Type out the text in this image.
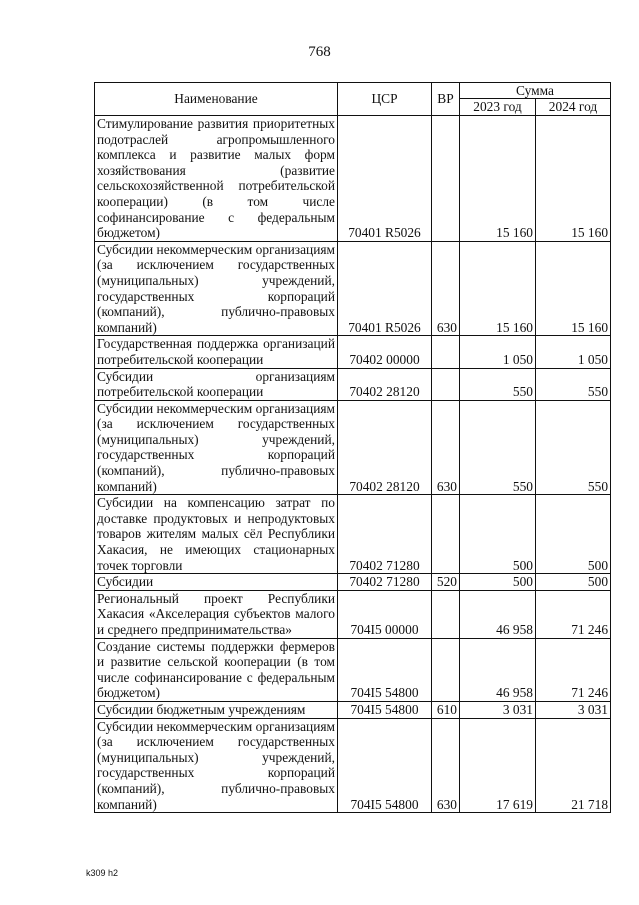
768
Наименование	ЦСР	ВР	Сумма	
			2023 год	2024 год
Стимулирование развития приоритетных подотраслей агропромышленного комплекса и развитие малых форм хозяйствования (развитие сельскохозяйственной потребительской кооперации) (в том числе софинансирование с федеральным бюджетом)	70401 R5026		15 160	15 160
Субсидии некоммерческим организациям (за исключением государственных (муниципальных) учреждений, государственных корпораций (компаний), публично-правовых компаний)	70401 R5026	630	15 160	15 160
Государственная поддержка организаций потребительской кооперации	70402 00000		1 050	1 050
Субсидии организациям потребительской кооперации	70402 28120		550	550
Субсидии некоммерческим организациям (за исключением государственных (муниципальных) учреждений, государственных корпораций (компаний), публично-правовых компаний)	70402 28120	630	550	550
Субсидии на компенсацию затрат по доставке продуктовых и непродуктовых товаров жителям малых сёл Республики Хакасия, не имеющих стационарных точек торговли	70402 71280		500	500
Субсидии	70402 71280	520	500	500
Региональный проект Республики Хакасия «Акселерация субъектов малого и среднего предпринимательства»	704I5 00000		46 958	71 246
Создание системы поддержки фермеров и развитие сельской кооперации (в том числе софинансирование с федеральным бюджетом)	704I5 54800		46 958	71 246
Субсидии бюджетным учреждениям	704I5 54800	610	3 031	3 031
Субсидии некоммерческим организациям (за исключением государственных (муниципальных) учреждений, государственных корпораций (компаний), публично-правовых компаний)	704I5 54800	630	17 619	21 718
k309 h2
